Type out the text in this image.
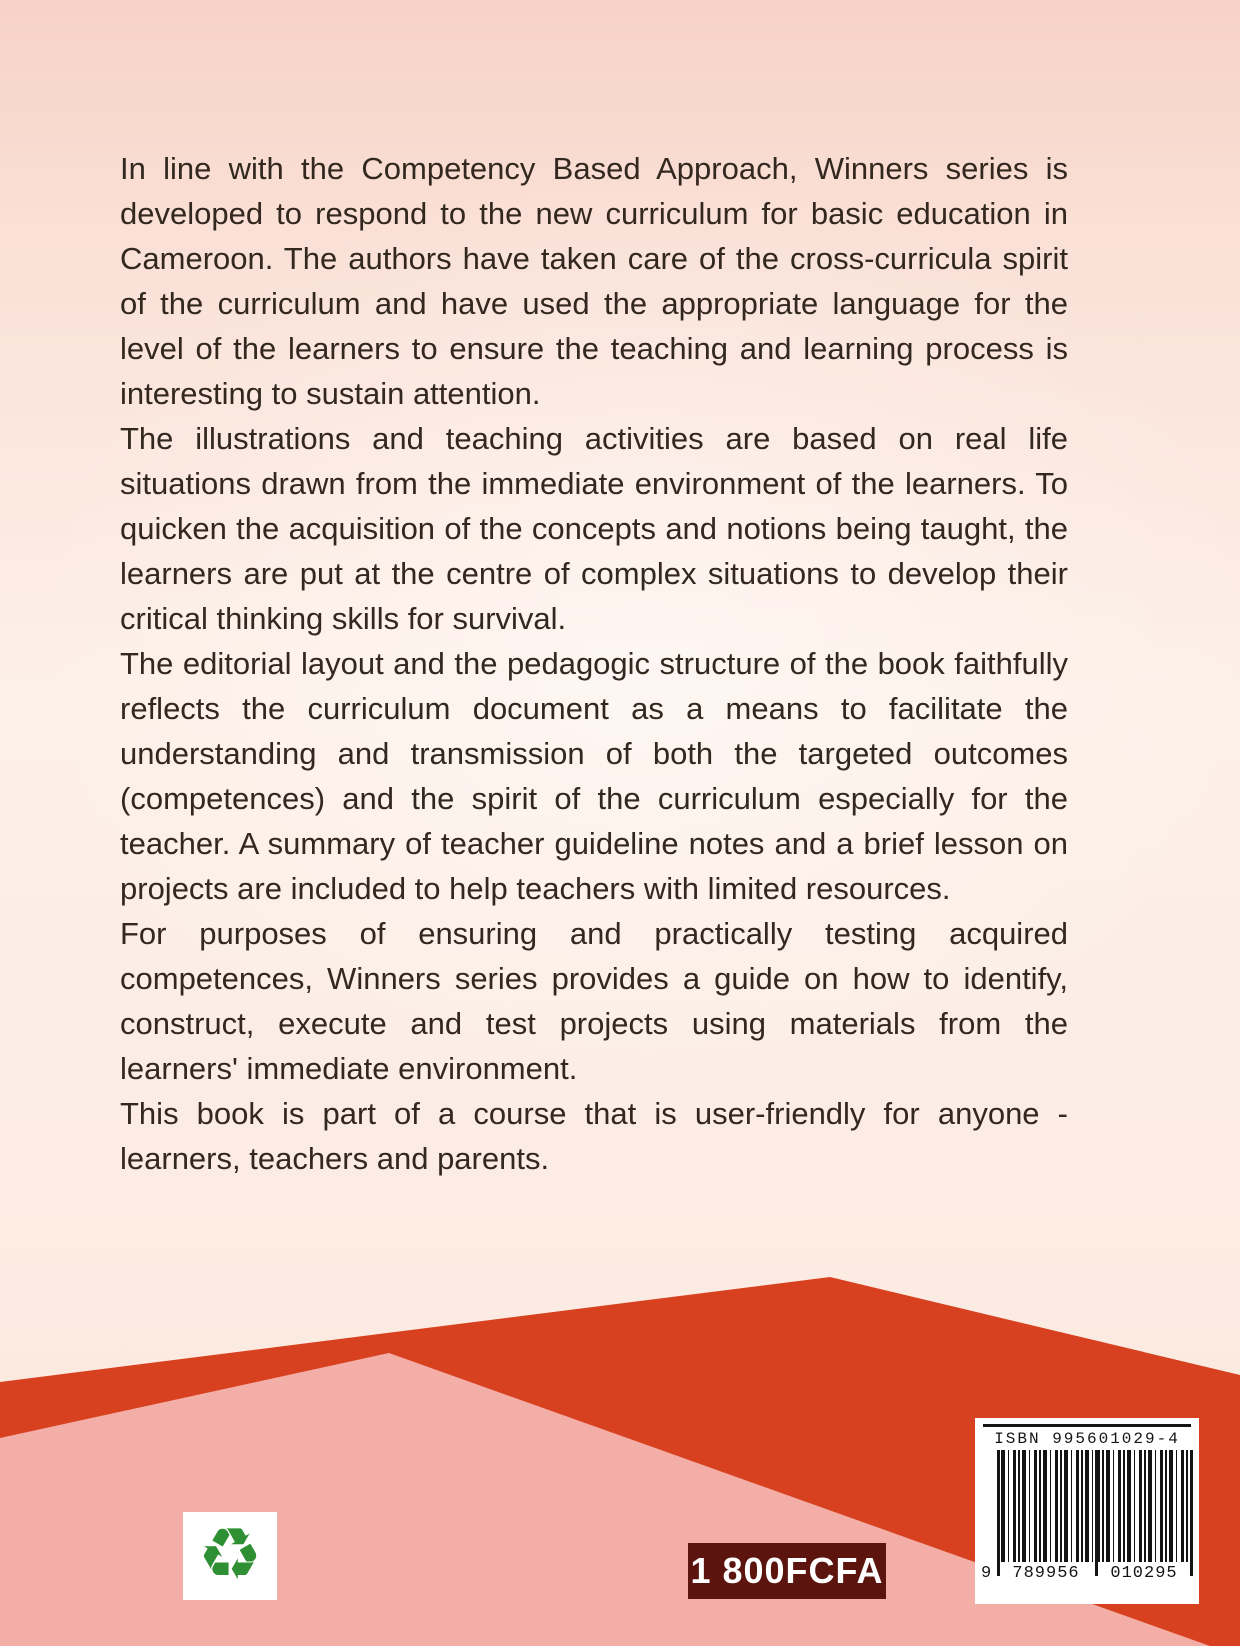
In line with the Competency Based Approach, Winners series is developed to respond to the new curriculum for basic education in Cameroon. The authors have taken care of the cross-curricula spirit of the curriculum and have used the appropriate language for the level of the learners to ensure the teaching and learning process is interesting to sustain attention.

The illustrations and teaching activities are based on real life situations drawn from the immediate environment of the learners. To quicken the acquisition of the concepts and notions being taught, the learners are put at the centre of complex situations to develop their critical thinking skills for survival.

The editorial layout and the pedagogic structure of the book faithfully reflects the curriculum document as a means to facilitate the understanding and transmission of both the targeted outcomes (competences) and the spirit of the curriculum especially for the teacher. A summary of teacher guideline notes and a brief lesson on projects are included to help teachers with limited resources.

For purposes of ensuring and practically testing acquired competences, Winners series provides a guide on how to identify, construct, execute and test projects using materials from the learners' immediate environment.

This book is part of a course that is user-friendly for anyone - learners, teachers and parents.

♻	1 800FCFA
ISBN 995601029-4
9	789956	010295
